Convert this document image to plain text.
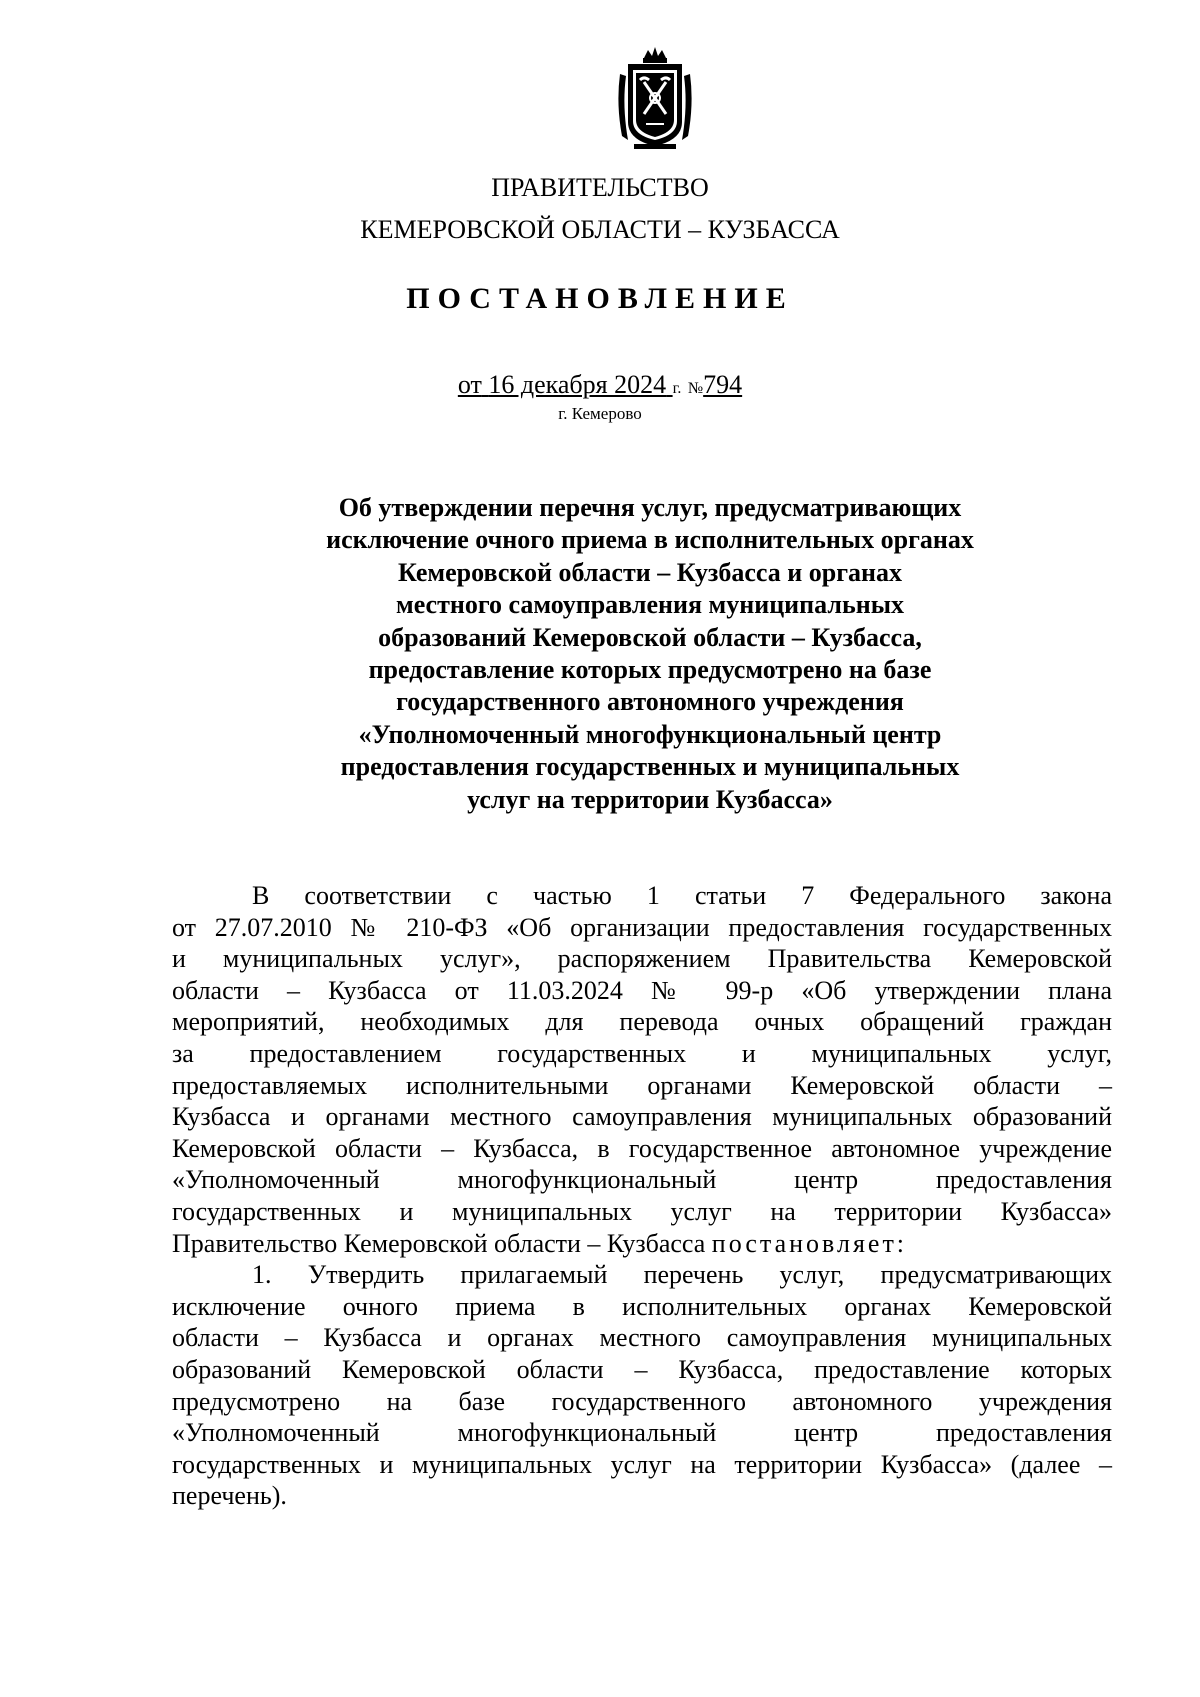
ПРАВИТЕЛЬСТВО
КЕМЕРОВСКОЙ ОБЛАСТИ – КУЗБАССА
ПОСТАНОВЛЕНИЕ
от 16 декабря 2024 г. №794
г. Кемерово
Об утверждении перечня услуг, предусматривающих
исключение очного приема в исполнительных органах
Кемеровской области – Кузбасса и органах
местного самоуправления муниципальных
образований Кемеровской области – Кузбасса,
предоставление которых предусмотрено на базе
государственного автономного учреждения
«Уполномоченный многофункциональный центр
предоставления государственных и муниципальных
услуг на территории Кузбасса»
В соответствии с частью 1 статьи 7 Федерального закона
от 27.07.2010 № 210-ФЗ «Об организации предоставления государственных
и муниципальных услуг», распоряжением Правительства Кемеровской
области – Кузбасса от 11.03.2024 № 99-р «Об утверждении плана
мероприятий, необходимых для перевода очных обращений граждан
за предоставлением государственных и муниципальных услуг,
предоставляемых исполнительными органами Кемеровской области –
Кузбасса и органами местного самоуправления муниципальных образований
Кемеровской области – Кузбасса, в государственное автономное учреждение
«Уполномоченный многофункциональный центр предоставления
государственных и муниципальных услуг на территории Кузбасса»
Правительство Кемеровской области – Кузбасса постановляет:
1. Утвердить прилагаемый перечень услуг, предусматривающих
исключение очного приема в исполнительных органах Кемеровской
области – Кузбасса и органах местного самоуправления муниципальных
образований Кемеровской области – Кузбасса, предоставление которых
предусмотрено на базе государственного автономного учреждения
«Уполномоченный многофункциональный центр предоставления
государственных и муниципальных услуг на территории Кузбасса» (далее –
перечень).
